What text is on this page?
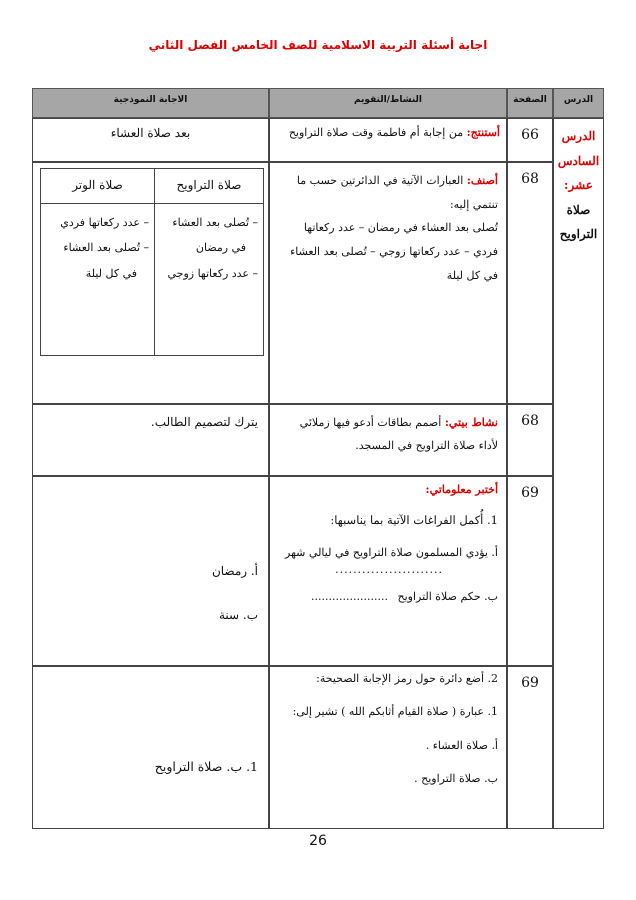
اجابة أسئلة التربية الاسلامية للصف الخامس الفصل الثاني
الدرس
الصفحة
النشاط/التقويم
الاجابة النموذجية
الدرس
السادس
عشر:
صلاة
التراويح
66
أستنتج: من إجابة أم فاطمة وقت صلاة التراويح
بعد صلاة العشاء
68

أصنف: العبارات الآتية في الدائرتين حسب ما تنتمي إليه:

تُصلى بعد العشاء في رمضان – عدد ركعاتها فردي – عدد ركعاتها زوجي – تُصلى بعد العشاء في كل ليلة

صلاة الوتر	صلاة التراويح
– عدد ركعاتها فردي
– تُصلى بعد العشاء
في كل ليلة
– تُصلى بعد العشاء
في رمضان
– عدد ركعاتها زوجي
68
نشاط بيتي: أصمم بطاقات أدعو فيها زملائي لأداء صلاة التراويح في المسجد.
يترك لتصميم الطالب.
69
أختبر معلوماتي:
1. أُكمل الفراغات الآتية بما يناسبها:
أ. يؤدي المسلمون صلاة التراويح في ليالي شهر
........................
ب. حكم صلاة التراويح ......................
أ. رمضان
ب. سنة
69
2. أضع دائرة حول رمز الإجابة الصحيحة:
1. عبارة ( صلاة القيام أثابكم الله ) تشير إلى:
أ. صلاة العشاء .
ب. صلاة التراويح .
1. ب. صلاة التراويح
26
